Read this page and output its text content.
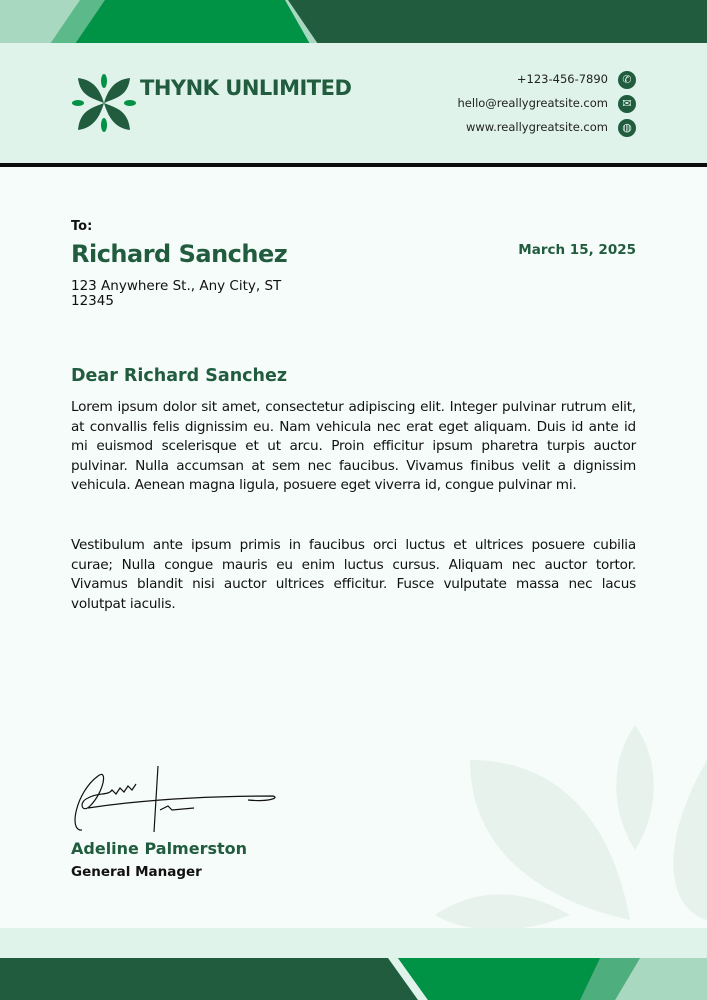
THYNK UNLIMITED	+123-456-7890	✆
hello@reallygreatsite.com	✉
www.reallygreatsite.com	◍
To:
Richard Sanchez
123 Anywhere St., Any City, ST 12345
March 15, 2025
Dear Richard Sanchez
Lorem ipsum dolor sit amet, consectetur adipiscing elit. Integer pulvinar rutrum elit, at convallis felis dignissim eu. Nam vehicula nec erat eget aliquam. Duis id ante id mi euismod scelerisque et ut arcu. Proin efficitur ipsum pharetra turpis auctor pulvinar. Nulla accumsan at sem nec faucibus. Vivamus finibus velit a dignissim vehicula. Aenean magna ligula, posuere eget viverra id, congue pulvinar mi.
Vestibulum ante ipsum primis in faucibus orci luctus et ultrices posuere cubilia curae; Nulla congue mauris eu enim luctus cursus. Aliquam nec auctor tortor. Vivamus blandit nisi auctor ultrices efficitur. Fusce vulputate massa nec lacus volutpat iaculis.
Adeline Palmerston
General Manager
